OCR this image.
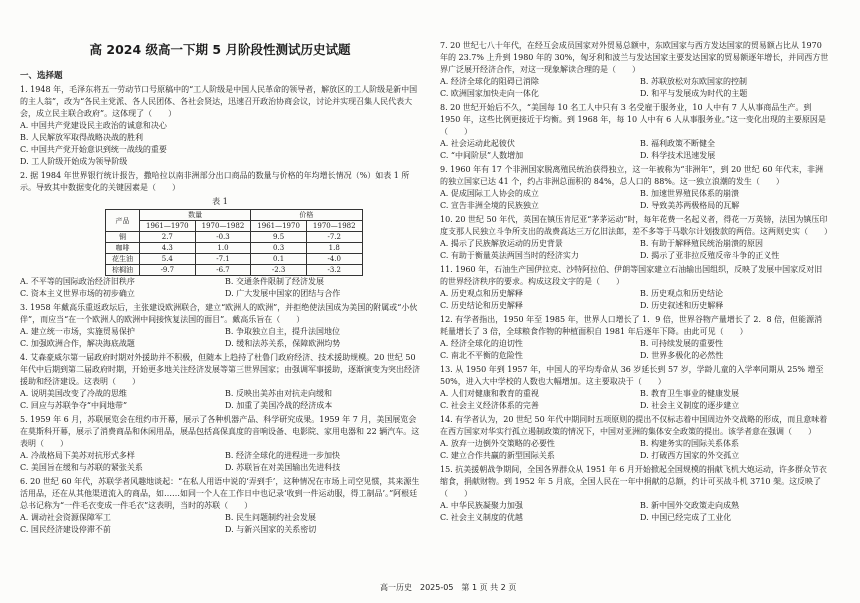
高 2024 级高一下期 5 月阶段性测试历史试题
一、选择题
1. 1948 年，毛泽东将五一劳动节口号原稿中的“工人阶级是中国人民革命的领导者，解放区的工人阶级是新中国的主人翁”，改为“各民主党派、各人民团体、各社会贤达，迅速召开政治协商会议，讨论并实现召集人民代表大会，成立民主联合政府”。这体现了（　　）
A. 中国共产党建设民主政治的诚意和决心
B. 人民解放军取得战略决战的胜利
C. 中国共产党开始意识到统一战线的重要
D. 工人阶级开始成为领导阶级
2. 据 1984 年世界银行统计报告，撒哈拉以南非洲部分出口商品的数量与价格的年均增长情况（%）如表 1 所示。导致其中数据变化的关键因素是（　　）
表 1
产品	数量		价格	
	1961—1970	1970—1982	1961—1970	1970—1982
铜	2.7	-0.3	9.5	-7.2
咖啡	4.3	1.0	0.3	1.8
花生油	5.4	-7.1	0.1	-4.0
棕榈油	-9.7	-6.7	-2.3	-3.2
A. 不平等的国际政治经济旧秩序	B. 交通条件限制了经济发展
C. 资本主义世界市场的初步确立	D. 广大发展中国家的团结与合作
3. 1958 年戴高乐重返政坛后，主张建设欧洲联合，建立“欧洲人的欧洲”，并拒绝使法国成为美国的附属或“小伙伴”，而应当“在一个欧洲人的欧洲中间接恢复法国的面目”。戴高乐旨在（　　）
A. 建立统一市场，实施贸易保护	B. 争取独立自主，提升法国地位
C. 加强欧洲合作，解决海底战题	D. 缓和法苏关系，保障欧洲均势
4. 艾森豪威尔第一届政府时期对外援助并不积极，但随本上趋持了杜鲁门政府经济、技术援助规模。20 世纪 50 年代中后期到第二届政府时期，开始更多地关注经济发展等第三世界国家；由强调军事援助，逐渐演变为突出经济援助和经济建设。这表明（　　）
A. 说明美国改变了冷战的思维	B. 反映出美苏由对抗走向缓和
C. 回应与苏联争夺“中间地带”	D. 加重了美国冷战的经济成本
5. 1959 年 6 月，苏联展览会在纽约市开幕，展示了各种机器产品、科学研究成果。1959 年 7 月，美国展览会在莫斯科开幕，展示了消费商品和休闲用品，展品包括高保真度的音响设备、电影院、家用电器和 22 辆汽车。这表明（　　）
A. 冷战格局下美苏对抗形式多样	B. 经济全球化的进程进一步加快
C. 美国旨在缓和与苏联的紧张关系	D. 苏联旨在对美国输出先进科技
6. 20 世纪 60 年代，苏联学者风趣地谈起：“在私人用语中说的‘弄到手’，这种情况在市场上司空见惯，其来源生活用品，还在从其他渠道流入的商品，如……如同一个人在工作日中也记录‘收到一件运动服，得工制品’。”阿根廷总书记称为“一件毛衣变成一件毛衣”这表明，当时的苏联（　　）
A. 调动社会资源保障军工	B. 民生问题制约社会发展
C. 国民经济建设停滞不前	D. 与新兴国家的关系密切
7. 20 世纪七八十年代，在经互会成员国家对外贸易总额中，东欧国家与西方发达国家的贸易额占比从 1970 年的 23.7% 上升到 1980 年的 30%，匈牙利和波兰与发达国家主要发达国家的贸易额逐年增长，并同西方世界广泛展开经济合作，对这一现象解读合理的是（　　）
A. 经济全球化的阻碍已消除	B. 苏联放松对东欧国家的控制
C. 欧洲国家加快走向一体化	D. 和平与发展成为时代的主题
8. 20 世纪开始后不久，“美国每 10 名工人中只有 3 名受雇于服务业，10 人中有 7 人从事商品生产。到 1950 年，这些比例更接近于均衡。到 1968 年，每 10 人中有 6 人从事服务业。”这一变化出现的主要原因是（　　）
A. 社会运动此起彼伏	B. 福利政策不断健全
C. “中间阶层”人数增加	D. 科学技术迅速发展
9. 1960 年有 17 个非洲国家脱离殖民统治获得独立，这一年被称为“非洲年”，到 20 世纪 60 年代末，非洲的独立国家已达 41 个，约占非洲总面积的 84%，总人口的 88%。这一独立浪潮的发生（　　）
A. 促成国际工人协会的成立	B. 加速世界殖民体系的崩溃
C. 宣告非洲全境的民族独立	D. 导致美苏两极格局的瓦解
10. 20 世纪 50 年代，英国在镇压肯尼亚“茅茅运动”时，每年花费一名起义者，得花一万英镑，法国为镇压印度支那人民独立斗争所支出的战费高达三万亿旧法郎，差不多等于马歇尔计划拨款的两倍。这两则史实（　　）
A. 揭示了民族解放运动的历史背景	B. 有助于解释殖民统治崩溃的原因
C. 有助于衡量英法两国当时的经济实力	D. 揭示了亚非拉反殖反帝斗争的正义性
11. 1960 年，石油生产国伊拉克、沙特阿拉伯、伊朗等国家建立石油输出国组织，反映了发展中国家反对旧的世界经济秩序的要求。构成这段文字的是（　　）
A. 历史观点和历史解释	B. 历史观点和历史结论
C. 历史结论和历史解释	D. 历史叙述和历史解释
12. 有学者指出，1950 年至 1985 年，世界人口增长了 1．9 倍，世界谷物产量增长了 2．8 倍，但能源消耗量增长了 3 倍，全球粮食作物的种植面积自 1981 年后逐年下降。由此可见（　　）
A. 经济全球化的迫切性	B. 可持续发展的重要性
C. 南北不平衡的危险性	D. 世界多极化的必然性
13. 从 1950 年到 1957 年，中国人的平均寿命从 36 岁延长到 57 岁，学龄儿童的入学率同期从 25% 增至 50%，进入大中学校的人数也大幅增加。这主要取决于（　　）
A. 人们对健康和教育的重视	B. 教育卫生事业的健康发展
C. 社会主义经济体系的完善	D. 社会主义制度的逐步建立
14. 有学者认为，20 世纪 50 年代中期同时五项原则的提出不仅标志着中国周边外交战略的形成，而且意味着在西方国家对华实行孤立遏制政策的情况下，中国对亚洲的集体安全政策的提出。该学者意在强调（　　）
A. 放弃一边倒外交策略的必要性	B. 构建务实的国际关系体系
C. 建立合作共赢的新型国际关系	D. 打破西方国家的外交孤立
15. 抗美援朝战争期间，全国各界群众从 1951 年 6 月开始掀起全国规模的捐献飞机大炮运动，许多群众节衣缩食，捐献财物。到 1952 年 5 月底，全国人民在一年中捐献的总额，约计可买战斗机 3710 架。这反映了（　　）
A. 中华民族凝聚力加强	B. 新中国外交政策走向成熟
C. 社会主义制度的优越	D. 中国已经完成了工业化
高一历史　2025-05　第 1 页 共 2 页
